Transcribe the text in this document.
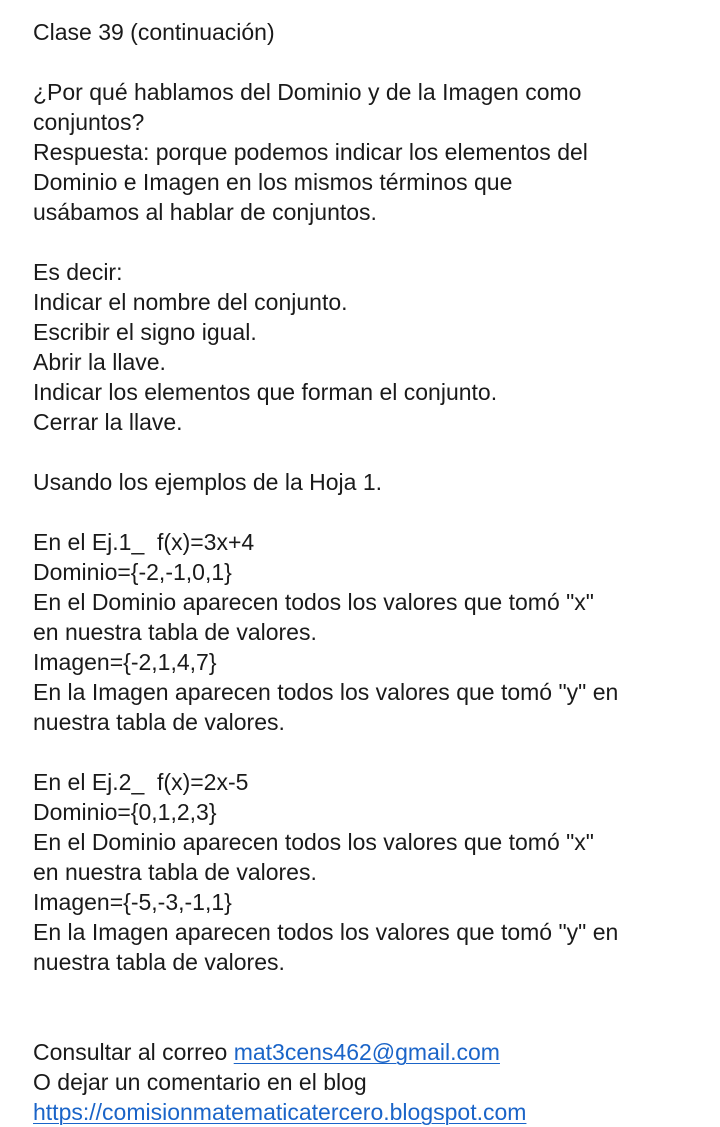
Clase 39 (continuación)
¿Por qué hablamos del Dominio y de la Imagen como
conjuntos?
Respuesta: porque podemos indicar los elementos del
Dominio e Imagen en los mismos términos que
usábamos al hablar de conjuntos.
Es decir:
Indicar el nombre del conjunto.
Escribir el signo igual.
Abrir la llave.
Indicar los elementos que forman el conjunto.
Cerrar la llave.
Usando los ejemplos de la Hoja 1.
En el Ej.1_  f(x)=3x+4
Dominio={-2,-1,0,1}
En el Dominio aparecen todos los valores que tomó "x"
en nuestra tabla de valores.
Imagen={-2,1,4,7}
En la Imagen aparecen todos los valores que tomó "y" en
nuestra tabla de valores.
En el Ej.2_  f(x)=2x-5
Dominio={0,1,2,3}
En el Dominio aparecen todos los valores que tomó "x"
en nuestra tabla de valores.
Imagen={-5,-3,-1,1}
En la Imagen aparecen todos los valores que tomó "y" en
nuestra tabla de valores.
Consultar al correo mat3cens462@gmail.com
O dejar un comentario en el blog
https://comisionmatematicatercero.blogspot.com
